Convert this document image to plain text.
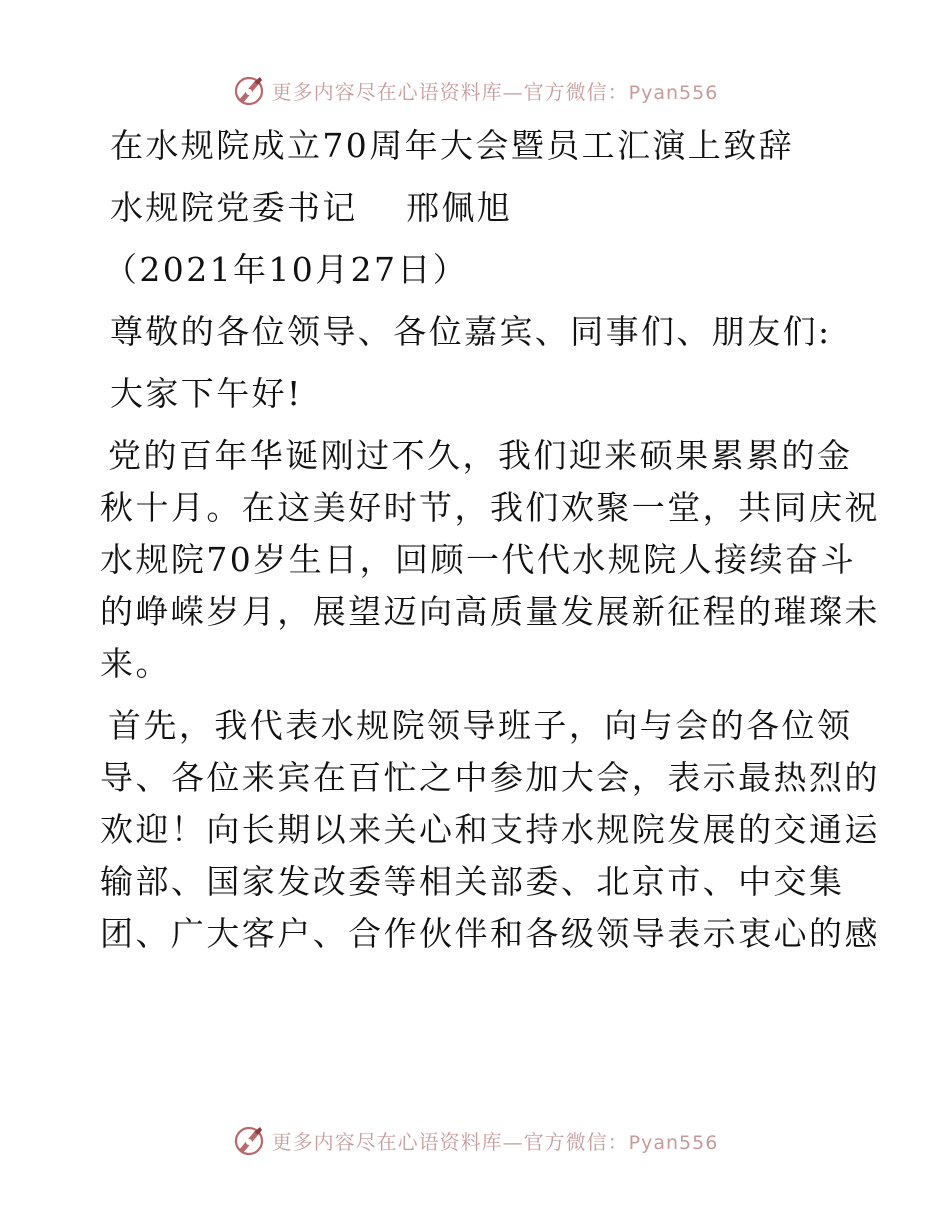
更多内容尽在心语资料库—官方微信：Pyan556
在水规院成立70周年大会暨员工汇演上致辞
水规院党委书记　 邢佩旭
（2021年10月27日）
尊敬的各位领导、各位嘉宾、同事们、朋友们:
大家下午好!
党的百年华诞刚过不久，我们迎来硕果累累的金
秋十月。在这美好时节，我们欢聚一堂，共同庆祝
水规院70岁生日，回顾一代代水规院人接续奋斗
的峥嵘岁月，展望迈向高质量发展新征程的璀璨未
来。
首先，我代表水规院领导班子，向与会的各位领
导、各位来宾在百忙之中参加大会，表示最热烈的
欢迎！向长期以来关心和支持水规院发展的交通运
输部、国家发改委等相关部委、北京市、中交集
团、广大客户、合作伙伴和各级领导表示衷心的感
更多内容尽在心语资料库—官方微信：Pyan556
